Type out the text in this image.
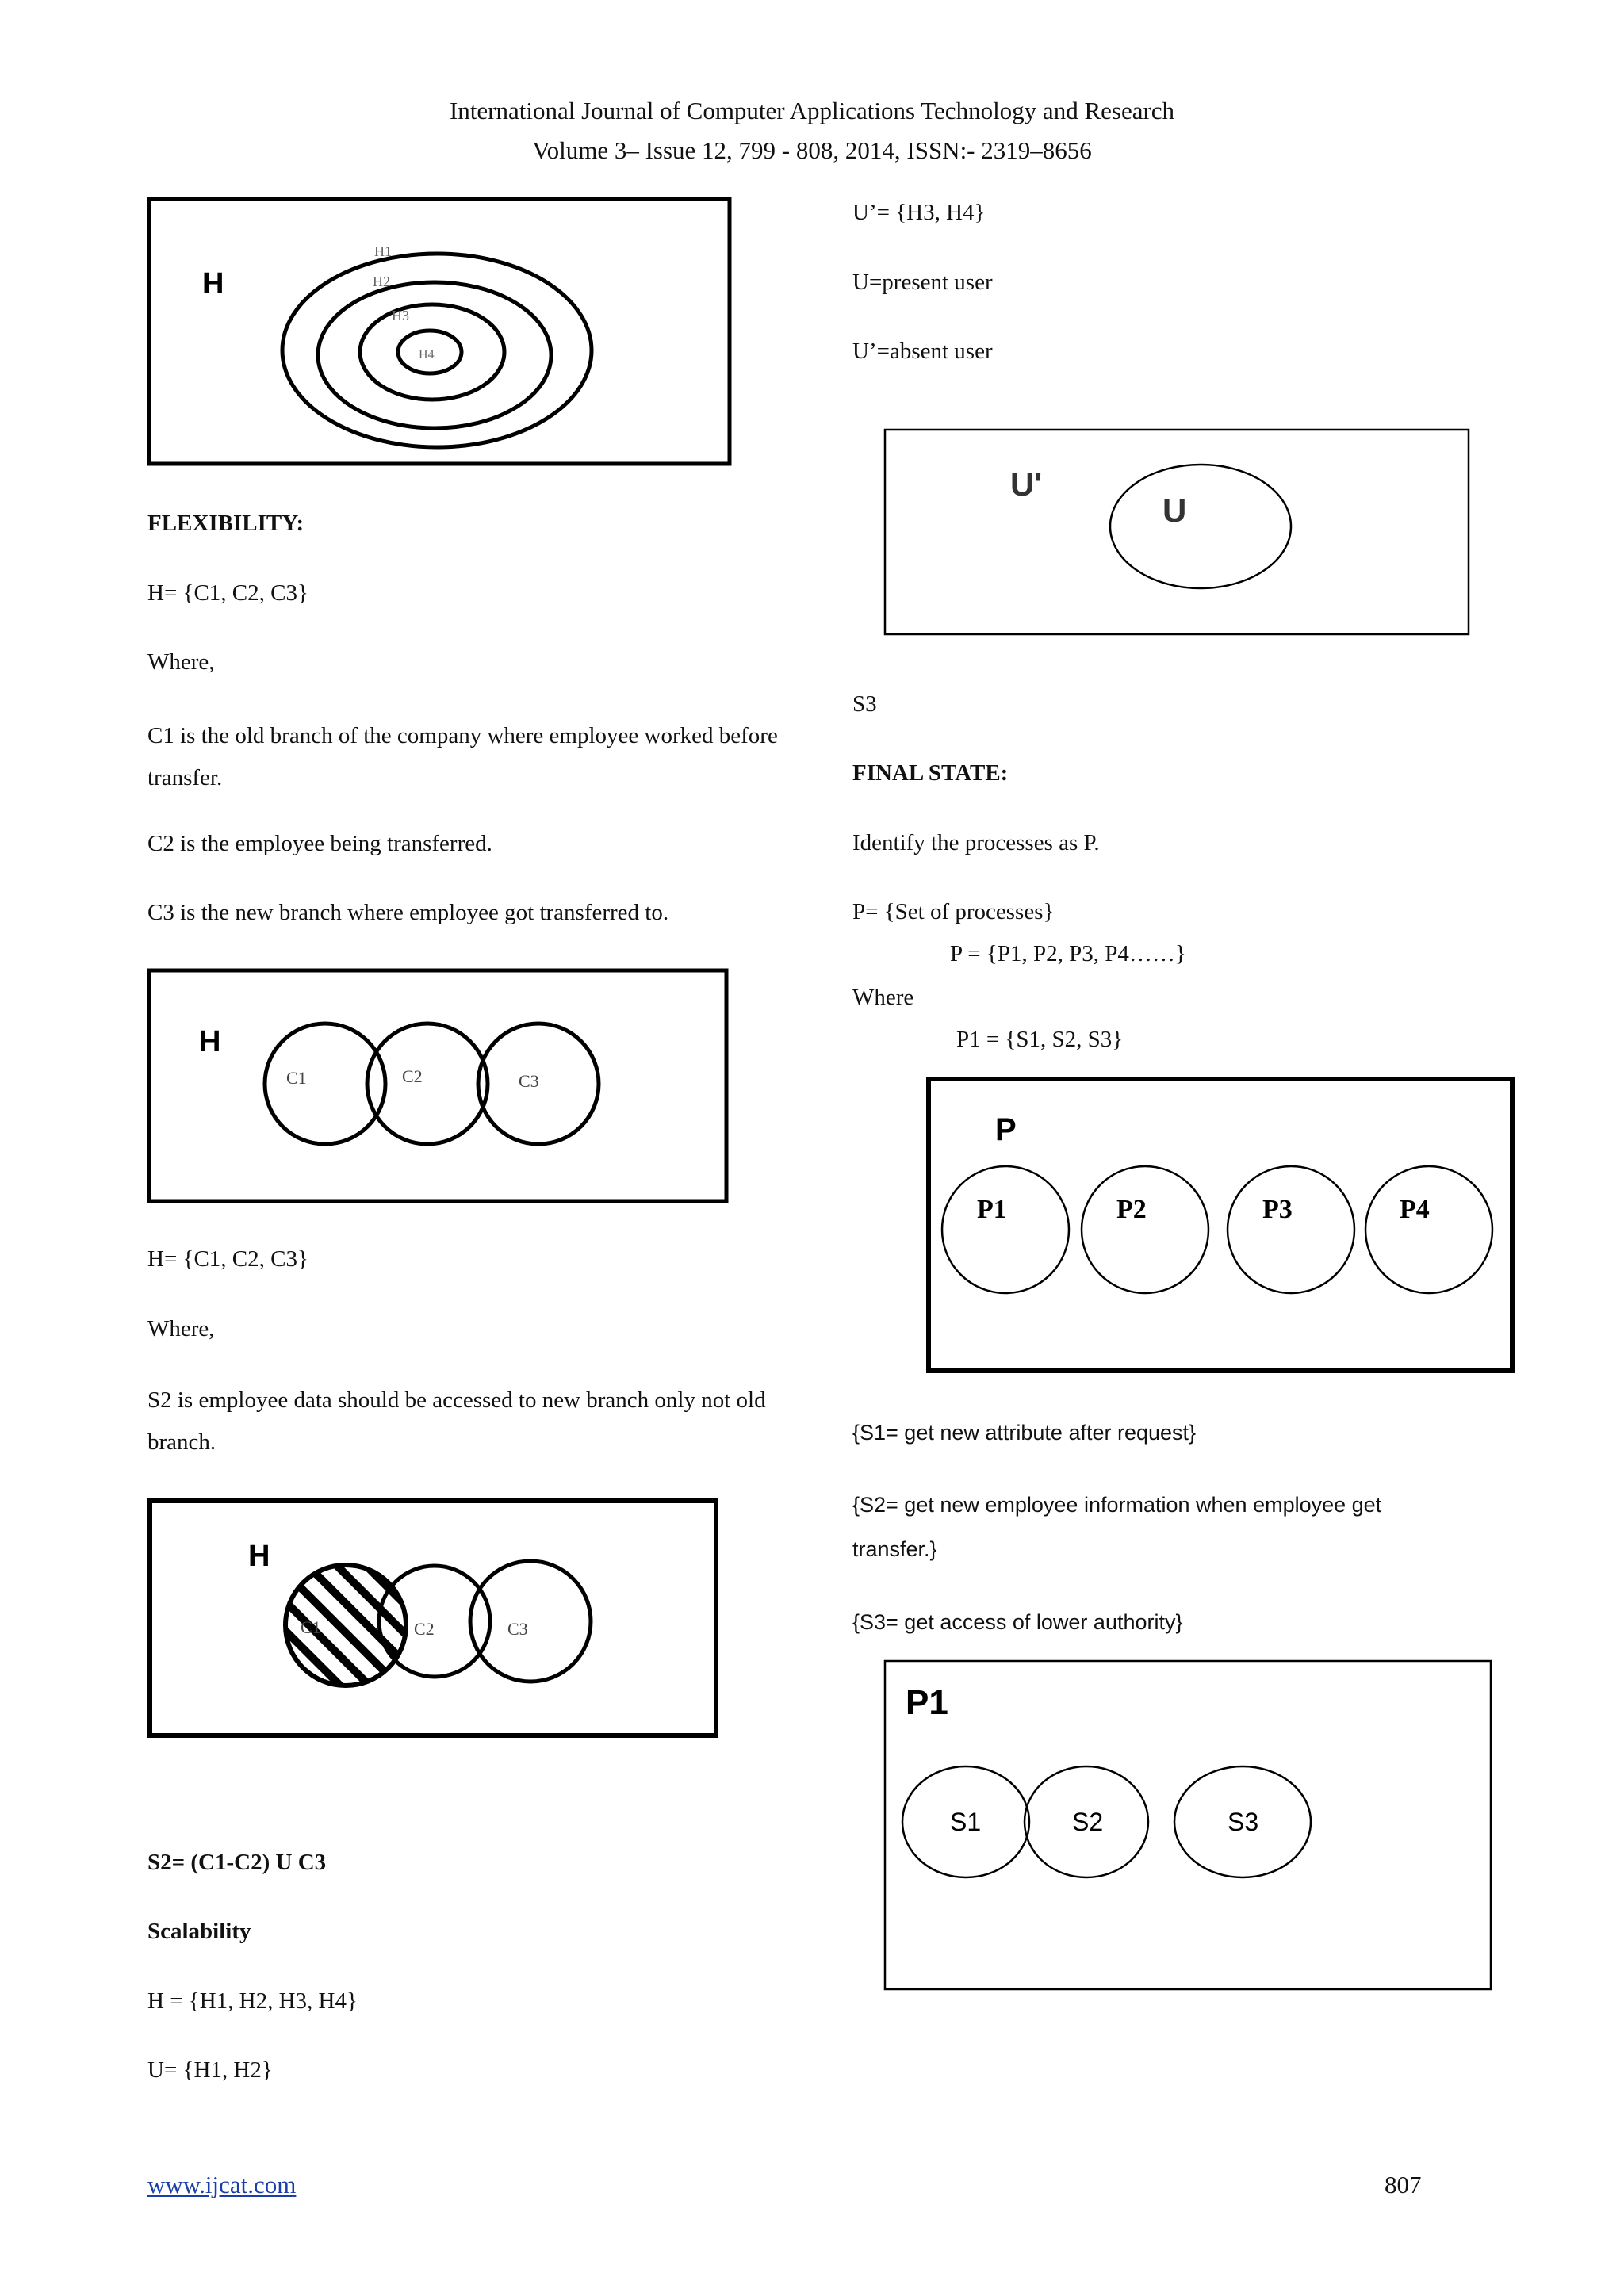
International Journal of Computer Applications Technology and Research
Volume 3– Issue 12, 799 - 808, 2014, ISSN:- 2319–8656
H
H1
H2
H3
H4
FLEXIBILITY:
H= {C1, C2, C3}
Where,
C1 is the old branch of the company where employee worked before transfer.
C2 is the employee being transferred.
C3 is the new branch where employee got transferred to.
H
C1	C2	C3
H= {C1, C2, C3}
Where,
S2 is employee data should be accessed to new branch only not old branch.
H
C1	C2	C3
S2= (C1-C2) U C3
Scalability
H = {H1, H2, H3, H4}
U= {H1, H2}
U’= {H3, H4}
U=present user
U’=absent user
U'
U
S3
FINAL STATE:
Identify the processes as P.
P= {Set of processes}
P = {P1, P2, P3, P4……}
Where
P1 = {S1, S2, S3}
P
P1	P2	P3	P4
{S1= get new attribute after request}
{S2= get new employee information when employee get transfer.}
{S3= get access of lower authority}
P1
S1	S2	S3
www.ijcat.com	807
